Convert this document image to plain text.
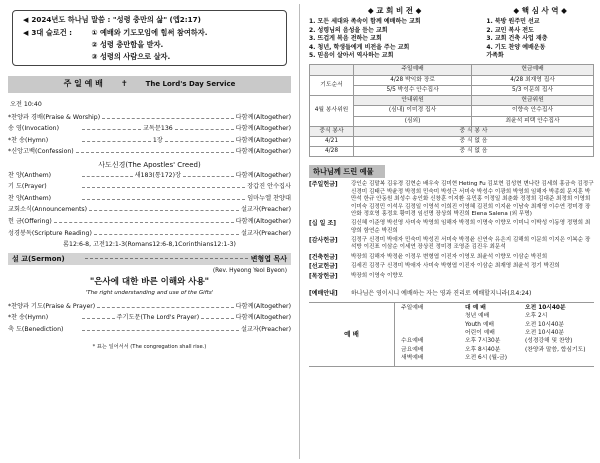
◀ 2024년도 하나님 말씀 :
"성령 충만의 삶" (엡2:17)
◀ 3대 슬로건 :	① 예배와 기도모임에 힘써 참여하자.
② 성령 충만함을 받자.
③ 성령의 사람으로 살자.
주 일 예 배 ✝	The Lord's Day Service
오전 10:40
*찬양과 경배(Praise & Worship)	다함께(Altogether)
송 영(Invocation)	교독문136	다함께(Altogether)
*찬 송(Hymn)	1장	다함께(Altogether)
*신앙고백(Confession)	다함께(Altogether)
사도신경(The Apostles' Creed)
찬 양(Anthem)	새183(통172)장	다함께(Altogether)
기 도(Prayer)	장갑진 안수집사
찬 양(Anthem)	임마누엘 찬양대
교회소식(Announcements)	설교자(Preacher)
헌 금(Offering)	다함께(Altogether)
성경봉독(Scripture Reading)	설교자(Preacher)
롬12:6-8, 고전12:1-3(Romans12:6-8,1Corinthians12:1-3)
설 교(Sermon)	변형엽 목사
(Rev. Hyeong Yeol Byeon)
"은사에 대한 바른 이해와 사용"
'The right understanding and use of the Gifts'
*찬양과 기도(Praise & Prayer)	다함께(Altogether)
*찬 송(Hymn)	주기도문(The Lord's Prayer)	다함께(Altogether)
축 도(Benediction)	설교자(Preacher)
* 표는 일어서서 (The congregation shall rise.)
◆ 교 회 비 전 ◆
1. 모든 세대와 족속이 함께 예배하는 교회
2. 성령님의 음성을 듣는 교회
3. 뜨겁게 복음 전하는 교회
4. 청년, 학생들에게 비전을 주는 교회
5. 믿음이 살아서 역사하는 교회
◆ 핵 심 사 역 ◆
1. 북방 원주민 선교
2. 교민 복사 전도
3. 교회 건축 사업 재충
4. 기도 찬양 예배운동
가족화
	주일예배	헌금예배
기도순서	4/28 박익화 장로	4/28 최재영 집사
	5/5 박성수 안수집사	5/3 이문희 집사
4월 봉사위원	안내위원	헌금위원
	(심내) 이미경 집사	이향숙 안수집사
	(심외)	최윤석 피택 안수집사
중식 봉사	중 식 봉 사	
4/21	중 식 없 음	
4/28	중 식 없 음	
하나님께 드린 예물
[주일헌금]	강인순 김말복 김유경 김현순 배우숙 김미현 Heting Fu 김보현 김성현 변나란 김세희 홍금숙 김정구 신경미 김태근 박윤정 박정희 민숙미 박성근 서미숙 박성수 이광희 박영희 임해자 박종회 문지훈 박만석 한규 안동원 최성수 송인화 신창훈 이지환 유민홍 이정일 최춘화 정정희 김대준 최정희 이영희 이미숙 김정민 이석우 김정일 이영석 이희진 이영혜 김진희 이지윤 이남숙 최재영 이수연 정미경 장안화 정호영 홍정호 황미경 임선명 장상희 박진희 Elena Salena (외 무명)
[십 일 조]	김신혜 이준영 박선영 사미숙 박영희 임해자 박정희 이명숙 이향모 이미니 이박성 이동영 정명희 최양희 함연순 박진희
[감사헌금]	김정구 신경미 박애자 민숙미 박성진 서미숙 박정윤 신연숙 유은지 김해희 이문희 이지은 이복순 장석방 이진표 이삼순 이세연 장상진 정미경 조영준 김진우 최문석
[건축헌금]	박장희 김해자 박정윤 이정우 변형엽 이진자 이영모 최윤석 이향모 이삼순 박진희
[선교헌금]	김세진 김정구 신경미 박애자 사미숙 박형엽 이진자 이삼순 최재영 최윤석 정기 박진희
[목장헌금]	박장희 이영숙 이향모
[예배안내]	하나님은 영이시니 예배하는 자는 영과 진리로 예배할지니라(요4:24)
예 배
주일예배	대 예 배	오전 10시40분
청년 예배	오후 2시
Youth 예배	오전 10시40분
어린이 예배	오전 10시40분
수요예배	오후 7시30분	(성경강해 및 찬양)
금요예배	오후 8시40분	(찬양과 말씀, 합심기도)
새벽예배	오전 6시 (월-금)
